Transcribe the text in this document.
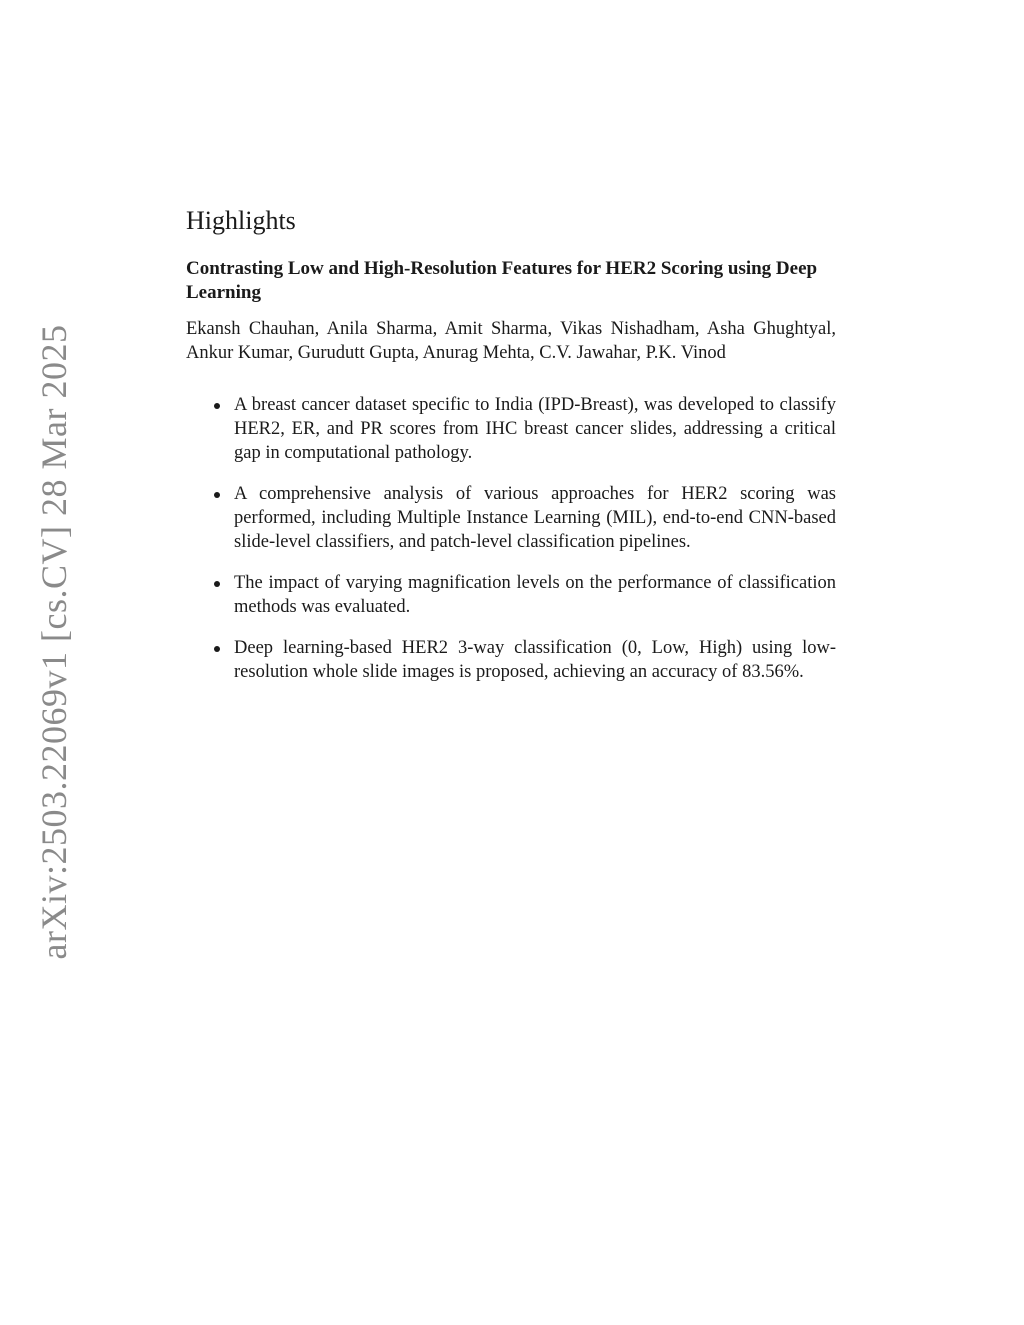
arXiv:2503.22069v1 [cs.CV] 28 Mar 2025
Highlights
Contrasting Low and High-Resolution Features for HER2 Scoring using Deep Learning

Ekansh Chauhan, Anila Sharma, Amit Sharma, Vikas Nishadham, Asha Ghughtyal, Ankur Kumar, Gurudutt Gupta, Anurag Mehta, C.V. Jawahar, P.K. Vinod

A breast cancer dataset specific to India (IPD-Breast), was developed to classify HER2, ER, and PR scores from IHC breast cancer slides, addressing a critical gap in computational pathology.
A comprehensive analysis of various approaches for HER2 scoring was performed, including Multiple Instance Learning (MIL), end-to-end CNN-based slide-level classifiers, and patch-level classification pipelines.
The impact of varying magnification levels on the performance of classification methods was evaluated.
Deep learning-based HER2 3-way classification (0, Low, High) using low-resolution whole slide images is proposed, achieving an accuracy of 83.56%.
